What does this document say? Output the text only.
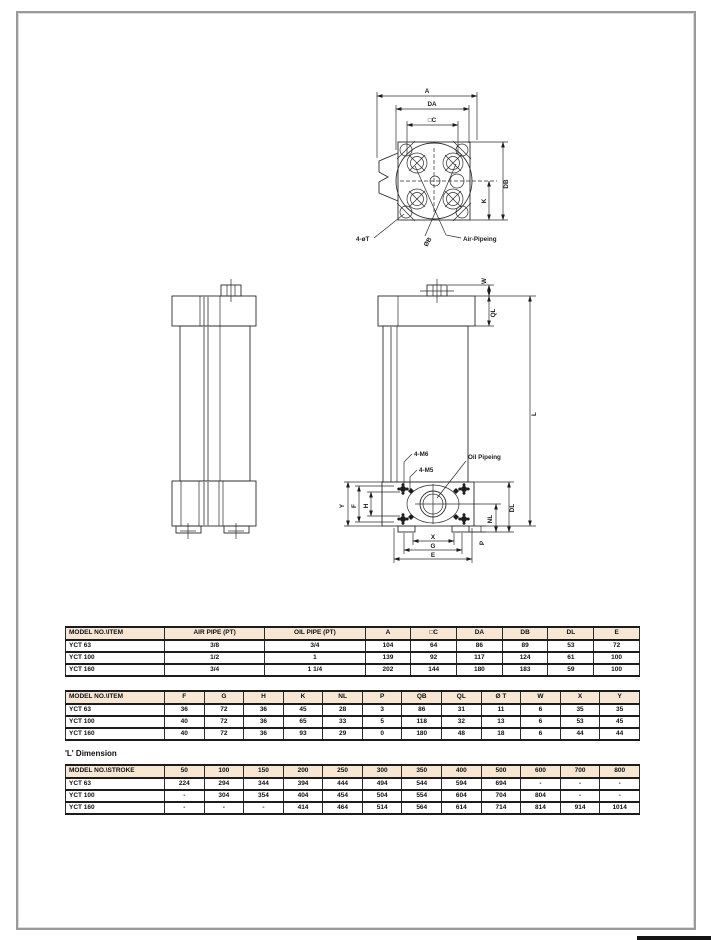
A
DA
□C
DB
K
4-øT	ØB	Air-Pipeing
W
QL
L
Y F H	DL
NL
P
X
G
E
4-M6
4-M5
Oil Pipeing
MODEL NO.\ITEM	AIR PIPE (PT)	OIL PIPE (PT)	A	□C	DA	DB	DL	E
YCT 63	3/8	3/4	104	64	86	89	53	72
YCT 100	1/2	1	139	92	117	124	61	100
YCT 160	3/4	1 1/4	202	144	180	183	59	100
MODEL NO.\ITEM	F	G	H	K	NL	P	QB	QL	Ø T	W	X	Y
YCT 63	36	72	36	45	28	3	86	31	11	6	35	35
YCT 100	40	72	36	65	33	5	118	32	13	6	53	45
YCT 160	40	72	36	93	29	0	180	48	18	6	44	44
'L' Dimension
MODEL NO.\STROKE	50	100	150	200	250	300	350	400	500	600	700	800
YCT 63	224	294	344	394	444	494	544	594	694	-	-	-
YCT 100	-	304	354	404	454	504	554	604	704	804	-	-
YCT 160	-	-	-	414	464	514	564	614	714	814	914	1014
